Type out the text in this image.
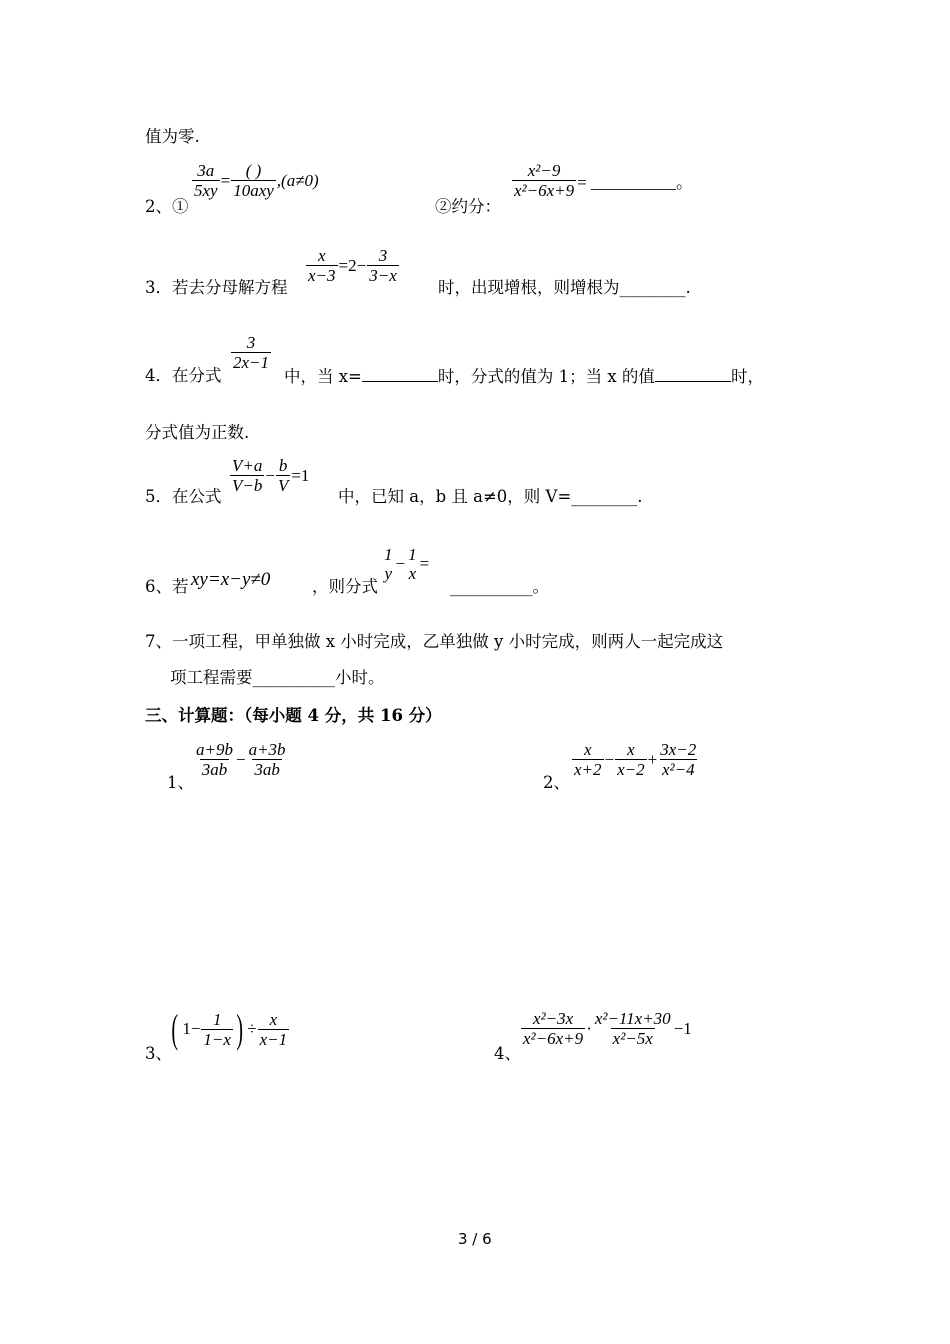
值为零.
2、①
$\frac{3a}{5xy} = \frac{( )}{\text{10axy}} ,(a\ne 0)$
②约分：
$\frac{\text{x²−9}}{\text{x²−6x+9}}$ = __________。
3．若去分母解方程
$\frac{x}{x-3} =2- \frac{3}{3-x}$
时，出现增根，则增根为________.
4．在分式
$\frac{3}{2x-1}$
中，当 x=	时，分式的值为 1；当 x 的值	时，
分式值为正数.
5．在公式
$\frac{V+a}{V-b} - \frac{b}{V} =1$
中，已知 a，b 且 a≠0，则 V=________.
6、若 xy=x−y≠0	，则分式
1
y
− 1
x
=
__________。
7、一项工程，甲单独做 x 小时完成，乙单独做 y 小时完成，则两人一起完成这
项工程需要__________小时。
三、计算题：（每小题 4 分，共 16 分）
1、
$\frac{a+9b}{3ab} - \frac{a+3b}{3ab}$
2、
$\frac{x}{x+2} - \frac{x}{x-2} + \frac{3x-2}{\text{x²−4}}$
3、
( $1- \frac{1}{1-x}$ ) ÷ $\frac{x}{x-1}$
4、
$\frac{\text{x²−3x}}{\text{x²−6x+9}} \cdot \frac{\text{x²−11x+30}}{\text{x²−5x}} -1$
3 / 6
